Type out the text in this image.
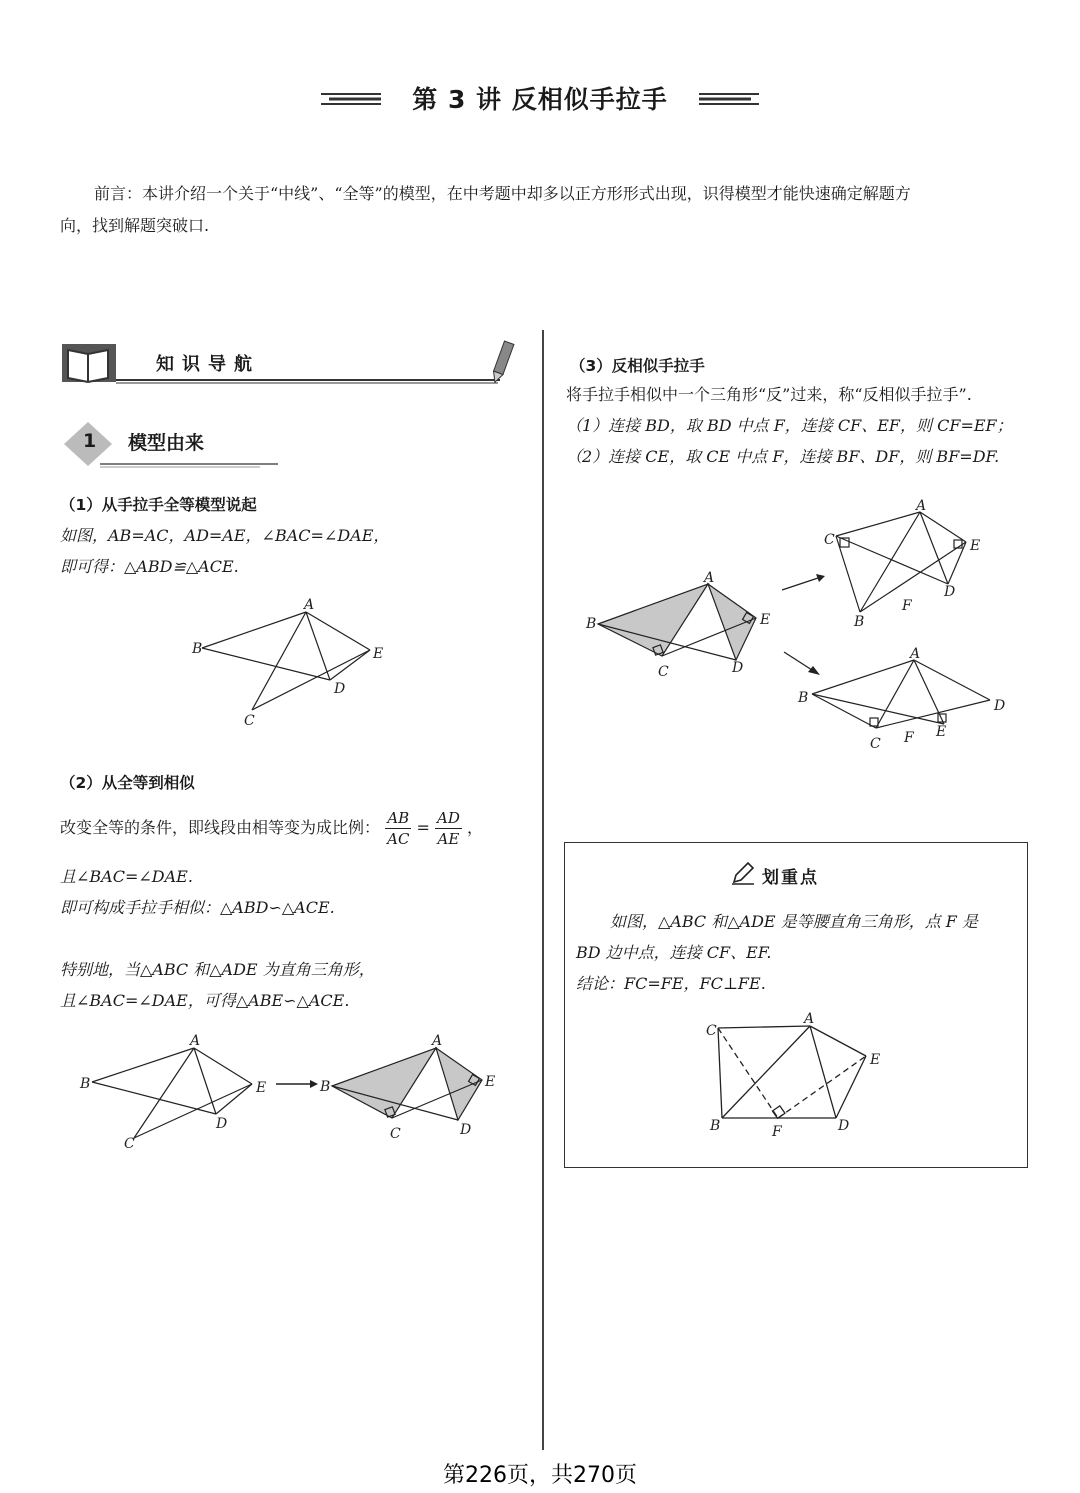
第 3 讲 反相似手拉手
前言：本讲介绍一个关于“中线”、“全等”的模型，在中考题中却多以正方形形式出现，识得模型才能快速确定解题方
向，找到解题突破口.
知识导航
1 模型由来
（1）从手拉手全等模型说起
如图，AB=AC，AD=AE，∠BAC=∠DAE，
即可得：△ABD≌△ACE.
A
B	E
D
C
（2）从全等到相似
改变全等的条件，即线段由相等变为成比例： $\frac{AB}{AC} = \frac{AD}{AE}$ ，
且∠BAC=∠DAE.
即可构成手拉手相似：△ABD∽△ACE.
特别地，当△ABC 和△ADE 为直角三角形，
且∠BAC=∠DAE，可得△ABE∽△ACE.
A
B	E
D
C
A
B	E
D
C
（3）反相似手拉手
将手拉手相似中一个三角形“反”过来，称“反相似手拉手”.
（1）连接 BD，取 BD 中点 F，连接 CF、EF，则 CF=EF；
（2）连接 CE，取 CE 中点 F，连接 BF、DF，则 BF=DF.
A
B	E
D
C
A
C	E
D
F
B
A
B	D
C F E
划重点
如图，△ABC 和△ADE 是等腰直角三角形，点 F 是
BD 边中点，连接 CF、EF.
结论：FC=FE，FC⊥FE.
A
C
E
B	F	D
第226页，共270页
